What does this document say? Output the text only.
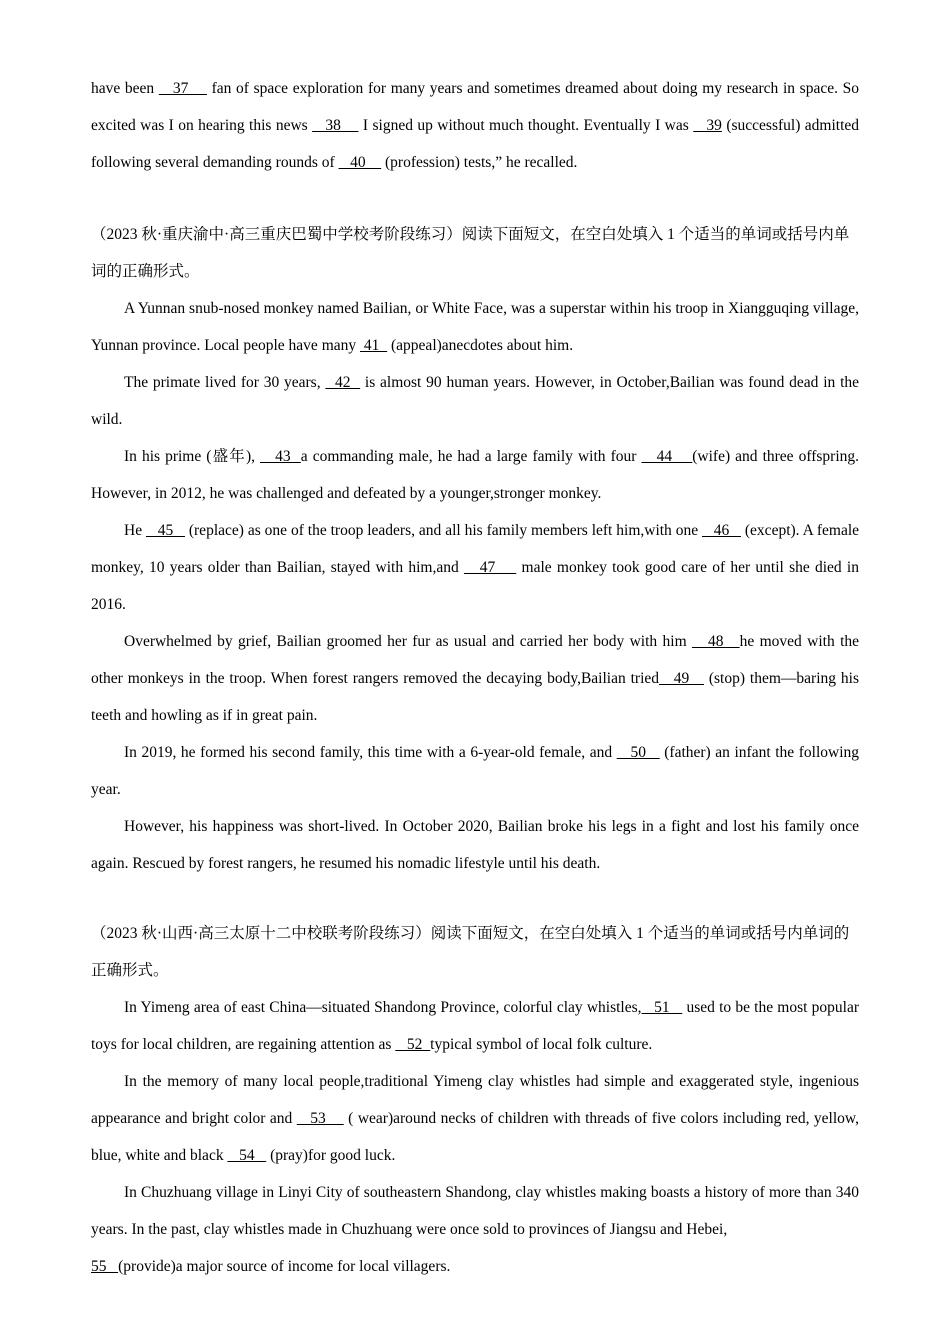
have been    37     fan of space exploration for many years and sometimes dreamed about doing my research in space. So excited was I on hearing this news    38     I signed up without much thought. Eventually I was    39 (successful) admitted following several demanding rounds of    40     (profession) tests,” he recalled.

（2023 秋·重庆渝中·高三重庆巴蜀中学校考阶段练习）阅读下面短文，在空白处填入 1 个适当的单词或括号内单词的正确形式。

A Yunnan snub-nosed monkey named Bailian, or White Face, was a superstar within his troop in Xiangguqing village, Yunnan province. Local people have many  41   (appeal)anecdotes about him.

The primate lived for 30 years,   42   is almost 90 human years. However, in October,Bailian was found dead in the wild.

In his prime (盛年),    43  a commanding male, he had a large family with four    44    (wife) and three offspring. However, in 2012, he was challenged and defeated by a younger,stronger monkey.

He    45    (replace) as one of the troop leaders, and all his family members left him,with one    46    (except). A female monkey, 10 years older than Bailian, stayed with him,and    47     male monkey took good care of her until she died in 2016.

Overwhelmed by grief, Bailian groomed her fur as usual and carried her body with him    48   he moved with the other monkeys in the troop. When forest rangers removed the decaying body,Bailian tried   49    (stop) them—baring his teeth and howling as if in great pain.

In 2019, he formed his second family, this time with a 6-year-old female, and    50    (father) an infant the following year.

However, his happiness was short-lived. In October 2020, Bailian broke his legs in a fight and lost his family once again. Rescued by forest rangers, he resumed his nomadic lifestyle until his death.

（2023 秋·山西·高三太原十二中校联考阶段练习）阅读下面短文，在空白处填入 1 个适当的单词或括号内单词的正确形式。

In Yimeng area of east China—situated Shandong Province, colorful clay whistles,   51    used to be the most popular toys for local children, are regaining attention as    52  typical symbol of local folk culture.

In the memory of many local people,traditional Yimeng clay whistles had simple and exaggerated style, ingenious appearance and bright color and    53     ( wear)around necks of children with threads of five colors including red, yellow, blue, white and black    54    (pray)for good luck.

In Chuzhuang village in Linyi City of southeastern Shandong, clay whistles making boasts a history of more than 340 years. In the past, clay whistles made in Chuzhuang were once sold to provinces of Jiangsu and Hebei,

55   (provide)a major source of income for local villagers.
